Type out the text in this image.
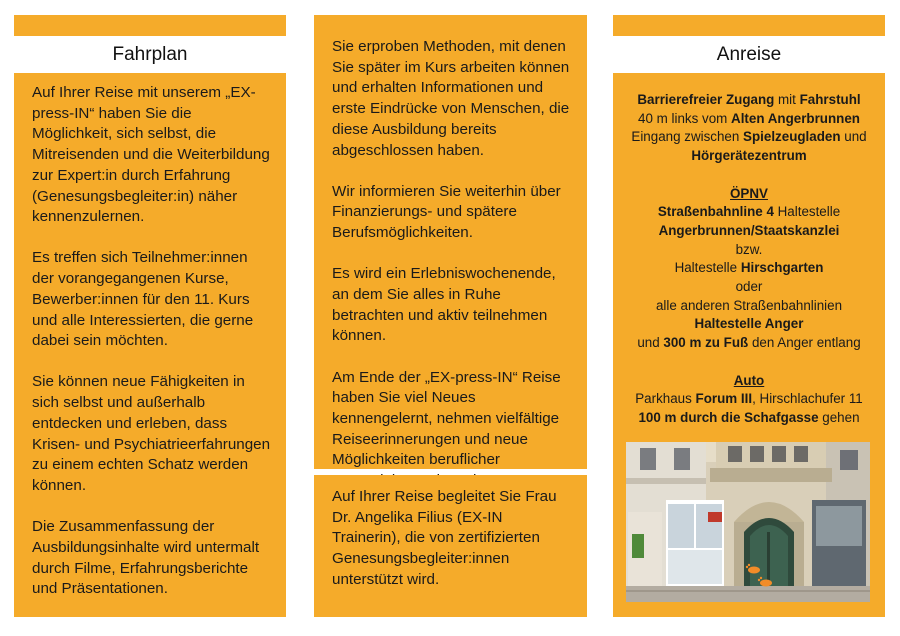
Fahrplan

Auf Ihrer Reise mit unserem „EX-press-IN“ haben Sie die Möglichkeit, sich selbst, die Mitreisenden und die Weiterbildung zur Expert:in durch Erfahrung (Genesungsbegleiter:in) näher kennenzulernen.

Es treffen sich Teilnehmer:innen der vorangegangenen Kurse, Bewerber:innen für den 11. Kurs und alle Interessierten, die gerne dabei sein möchten.

Sie können neue Fähigkeiten in sich selbst und außerhalb entdecken und erleben, dass Krisen- und Psychiatrieerfahrungen zu einem echten Schatz werden können.

Die Zusammenfassung der Ausbildungsinhalte wird untermalt durch Filme, Erfahrungsberichte und Präsentationen.

Sie erproben Methoden, mit denen Sie später im Kurs arbeiten können und erhalten Informationen und erste Eindrücke von Menschen, die diese Ausbildung bereits abgeschlossen haben.

Wir informieren Sie weiterhin über Finanzierungs- und spätere Berufsmöglichkeiten.

Es wird ein Erlebniswochenende, an dem Sie alles in Ruhe betrachten und aktiv teilnehmen können.

Am Ende der „EX-press-IN“ Reise haben Sie viel Neues kennengelernt, nehmen vielfältige Reiseerinnerungen und neue Möglichkeiten beruflicher

Auf Ihrer Reise begleitet Sie Frau Dr. Angelika Filius (EX-IN Trainerin), die von zertifizierten Genesungsbegleiter:innen unterstützt wird.

Anreise

Barrierefreier Zugang mit Fahrstuhl

40 m links vom Alten Angerbrunnen

Eingang zwischen Spielzeugladen und

Hörgerätezentrum

ÖPNV

Straßenbahnline 4 Haltestelle

Angerbrunnen/Staatskanzlei

bzw.

Haltestelle Hirschgarten

oder

alle anderen Straßenbahnlinien

Haltestelle Anger

und 300 m zu Fuß den Anger entlang

Auto

Parkhaus Forum III, Hirschlachufer 11

100 m durch die Schafgasse gehen
